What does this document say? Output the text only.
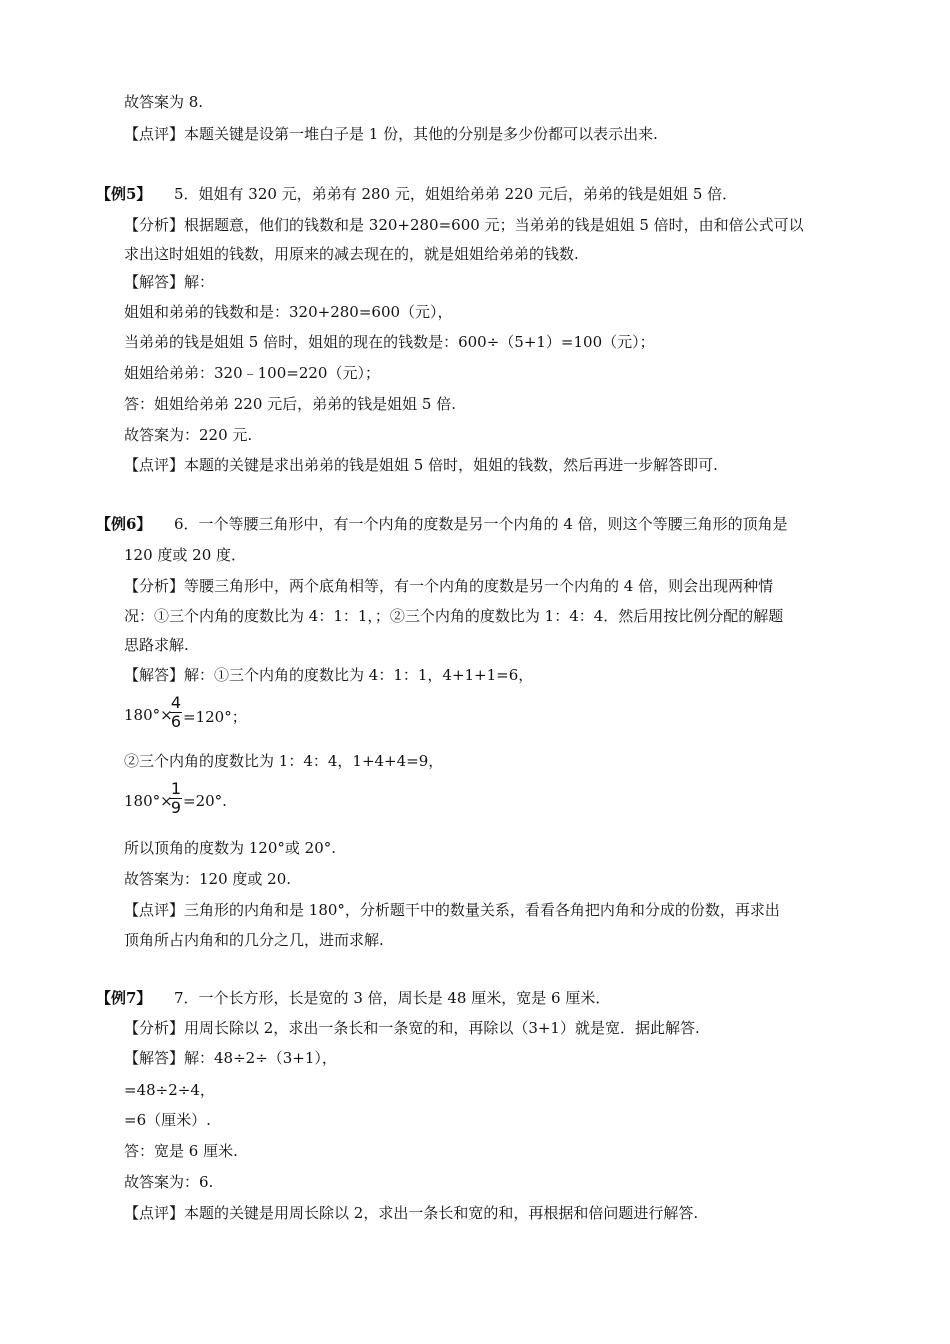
故答案为 8.
【点评】本题关键是设第一堆白子是 1 份，其他的分别是多少份都可以表示出来.
【例5】 5．姐姐有 320 元，弟弟有 280 元，姐姐给弟弟 220 元后，弟弟的钱是姐姐 5 倍．
【分析】根据题意，他们的钱数和是 320+280=600 元；当弟弟的钱是姐姐 5 倍时，由和倍公式可以
求出这时姐姐的钱数，用原来的减去现在的，就是姐姐给弟弟的钱数.
【解答】解：
姐姐和弟弟的钱数和是：320+280=600（元），
当弟弟的钱是姐姐 5 倍时，姐姐的现在的钱数是：600÷（5+1）=100（元）；
姐姐给弟弟：320﹣100=220（元）；
答：姐姐给弟弟 220 元后，弟弟的钱是姐姐 5 倍.
故答案为：220 元.
【点评】本题的关键是求出弟弟的钱是姐姐 5 倍时，姐姐的钱数，然后再进一步解答即可.
【例6】 6．一个等腰三角形中，有一个内角的度数是另一个内角的 4 倍，则这个等腰三角形的顶角是
120 度或 20 度．
【分析】等腰三角形中，两个底角相等，有一个内角的度数是另一个内角的 4 倍，则会出现两种情
况：①三个内角的度数比为 4：1：1，；②三个内角的度数比为 1：4：4．然后用按比例分配的解题
思路求解.
【解答】解：①三个内角的度数比为 4：1：1，4+1+1=6，
180°×
4
6 =120°；
②三个内角的度数比为 1：4：4，1+4+4=9，
180°×
1
9 =20°.
所以顶角的度数为 120°或 20°.
故答案为：120 度或 20.
【点评】三角形的内角和是 180°，分析题干中的数量关系，看看各角把内角和分成的份数，再求出
顶角所占内角和的几分之几，进而求解.
【例7】 7．一个长方形，长是宽的 3 倍，周长是 48 厘米，宽是 6 厘米．
【分析】用周长除以 2，求出一条长和一条宽的和，再除以（3+1）就是宽．据此解答.
【解答】解：48÷2÷（3+1），
=48÷2÷4，
=6（厘米）.
答：宽是 6 厘米.
故答案为：6.
【点评】本题的关键是用周长除以 2，求出一条长和宽的和，再根据和倍问题进行解答.
